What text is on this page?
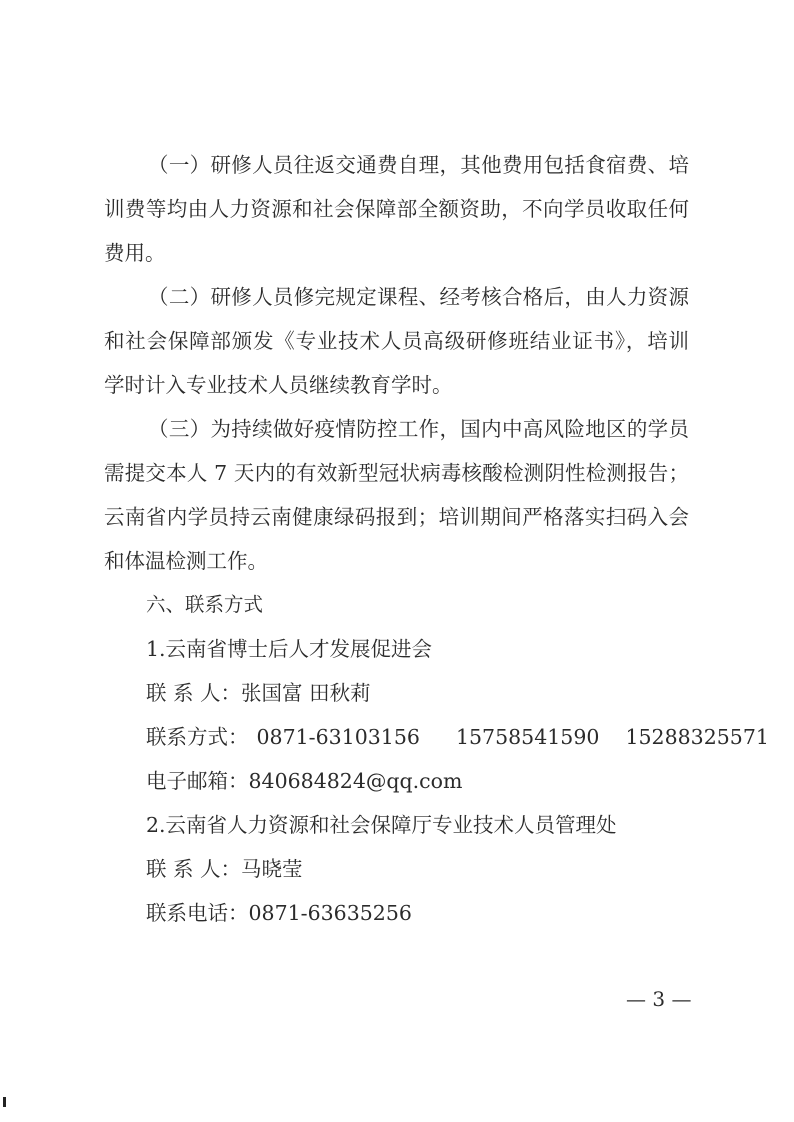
（一）研修人员往返交通费自理，其他费用包括食宿费、培
训费等均由人力资源和社会保障部全额资助，不向学员收取任何
费用。
（二）研修人员修完规定课程、经考核合格后，由人力资源
和社会保障部颁发《专业技术人员高级研修班结业证书》，培训
学时计入专业技术人员继续教育学时。
（三）为持续做好疫情防控工作，国内中高风险地区的学员
需提交本人 7 天内的有效新型冠状病毒核酸检测阴性检测报告；
云南省内学员持云南健康绿码报到；培训期间严格落实扫码入会
和体温检测工作。
六、联系方式
1.云南省博士后人才发展促进会
联 系 人：张国富 田秋莉
联系方式： 0871-63103156 15758541590 15288325571
电子邮箱：840684824@qq.com
2.云南省人力资源和社会保障厅专业技术人员管理处
联 系 人：马晓莹
联系电话：0871-63635256
— 3 —
